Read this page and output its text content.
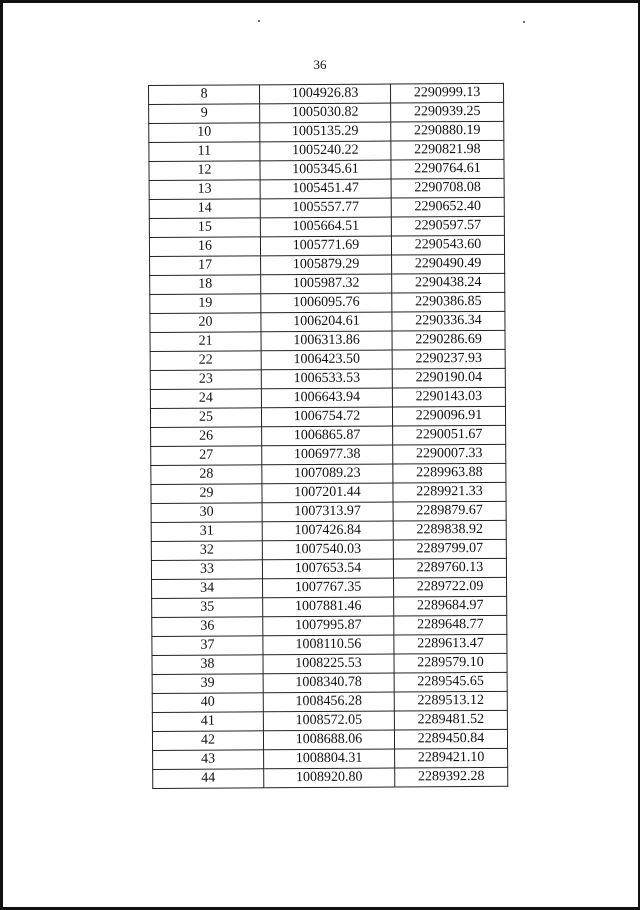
36
8	1004926.83	2290999.13
9	1005030.82	2290939.25
10	1005135.29	2290880.19
11	1005240.22	2290821.98
12	1005345.61	2290764.61
13	1005451.47	2290708.08
14	1005557.77	2290652.40
15	1005664.51	2290597.57
16	1005771.69	2290543.60
17	1005879.29	2290490.49
18	1005987.32	2290438.24
19	1006095.76	2290386.85
20	1006204.61	2290336.34
21	1006313.86	2290286.69
22	1006423.50	2290237.93
23	1006533.53	2290190.04
24	1006643.94	2290143.03
25	1006754.72	2290096.91
26	1006865.87	2290051.67
27	1006977.38	2290007.33
28	1007089.23	2289963.88
29	1007201.44	2289921.33
30	1007313.97	2289879.67
31	1007426.84	2289838.92
32	1007540.03	2289799.07
33	1007653.54	2289760.13
34	1007767.35	2289722.09
35	1007881.46	2289684.97
36	1007995.87	2289648.77
37	1008110.56	2289613.47
38	1008225.53	2289579.10
39	1008340.78	2289545.65
40	1008456.28	2289513.12
41	1008572.05	2289481.52
42	1008688.06	2289450.84
43	1008804.31	2289421.10
44	1008920.80	2289392.28
